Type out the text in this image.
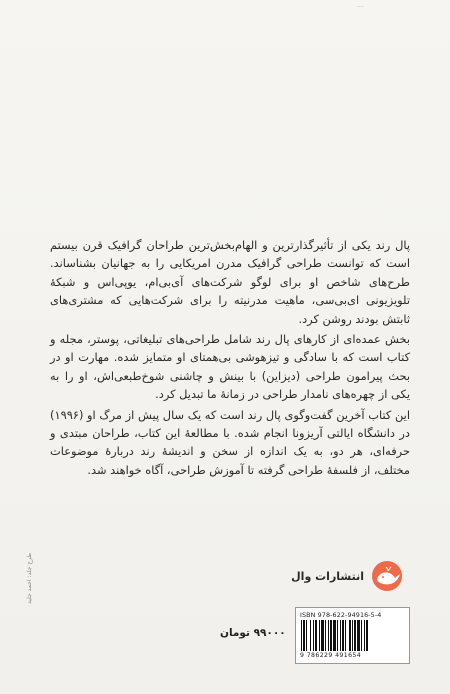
····

پال رند یکی از تأثیرگذارترین و الهام‌بخش‌ترین طراحان گرافیک قرن بیستم است که توانست طراحی گرافیک مدرن امریکایی را به جهانیان بشناساند. طرح‌های شاخص او برای لوگو شرکت‌های آی‌بی‌ام، یوپی‌اس و شبکهٔ تلویزیونی ای‌بی‌سی، ماهیت مدرنیته را برای شرکت‌هایی که مشتری‌های ثابتش بودند روشن کرد.

بخش عمده‌ای از کارهای پال رند شامل طراحی‌های تبلیغاتی، پوستر، مجله و کتاب است که با سادگی و تیزهوشی بی‌همتای او متمایز شده. مهارت او در بحث پیرامون طراحی (دیزاین) با بینش و چاشنی شوخ‌طبعی‌اش، او را به یکی از چهره‌های نامدار طراحی در زمانهٔ ما تبدیل کرد.

این کتاب آخرین گفت‌وگوی پال رند است که یک سال پیش از مرگ او (۱۹۹۶) در دانشگاه ایالتی آریزونا انجام شده. با مطالعهٔ این کتاب، طراحان مبتدی و حرفه‌ای، هر دو، به یک اندازه از سخن و اندیشهٔ رند دربارهٔ موضوعات مختلف، از فلسفهٔ طراحی گرفته تا آموزش طراحی، آگاه خواهند شد.

انتشارات وال
طرح جلد: احمد جلید
۹۹۰۰۰ تومان
ISBN 978-622-94916-5-4
9 786229 491654
